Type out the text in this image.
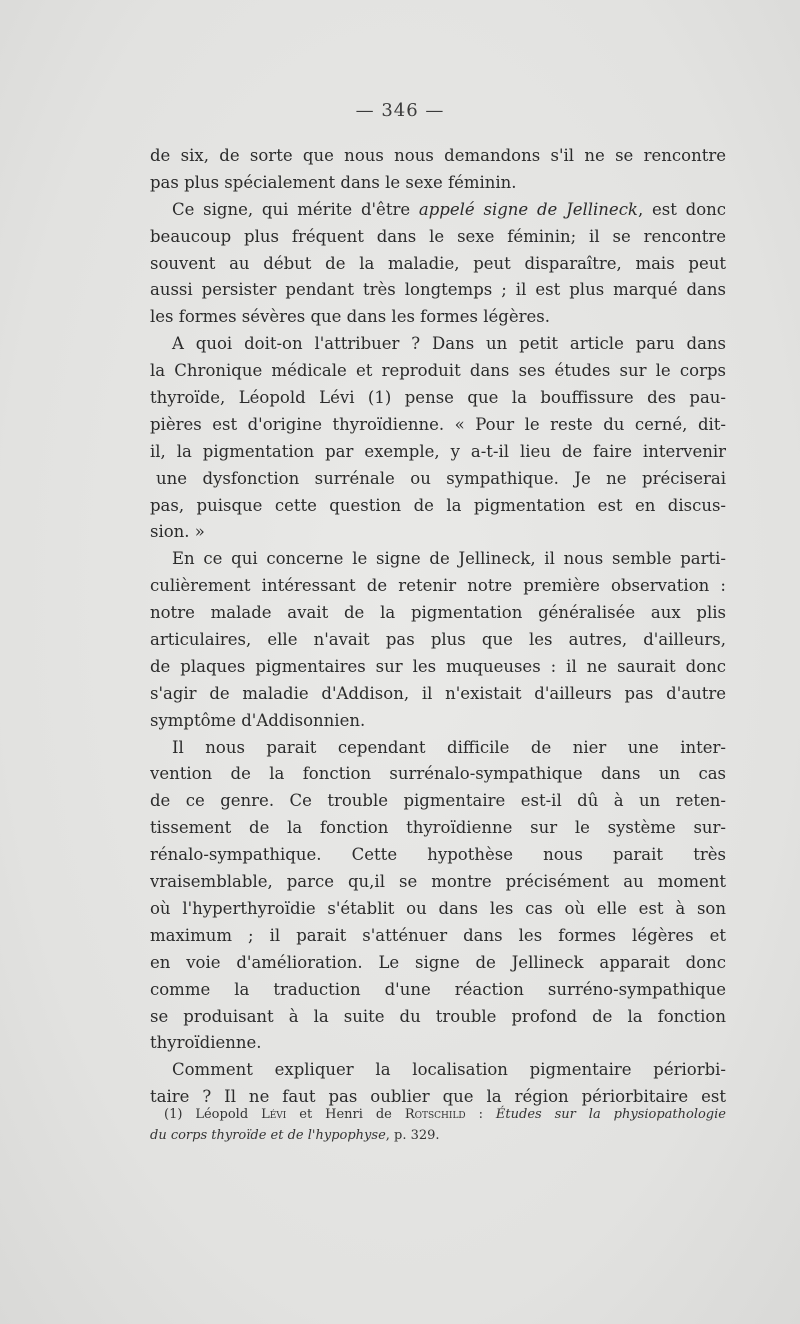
— 346 —
de six, de sorte que nous nous demandons s'il ne se rencontre
pas plus spécialement dans le sexe féminin.
Ce signe, qui mérite d'être appelé signe de Jellineck, est donc
beaucoup plus fréquent dans le sexe féminin; il se rencontre
souvent au début de la maladie, peut disparaître, mais peut
aussi persister pendant très longtemps ; il est plus marqué dans
les formes sévères que dans les formes légères.
A quoi doit-on l'attribuer ? Dans un petit article paru dans
la Chronique médicale et reproduit dans ses études sur le corps
thyroïde, Léopold Lévi (1) pense que la bouffissure des pau-
pières est d'origine thyroïdienne. « Pour le reste du cerné, dit-
il, la pigmentation par exemple, y a-t-il lieu de faire intervenir
une dysfonction surrénale ou sympathique. Je ne préciserai
pas, puisque cette question de la pigmentation est en discus-
sion. »
En ce qui concerne le signe de Jellineck, il nous semble parti-
culièrement intéressant de retenir notre première observation :
notre malade avait de la pigmentation généralisée aux plis
articulaires, elle n'avait pas plus que les autres, d'ailleurs,
de plaques pigmentaires sur les muqueuses : il ne saurait donc
s'agir de maladie d'Addison, il n'existait d'ailleurs pas d'autre
symptôme d'Addisonnien.
Il nous parait cependant difficile de nier une inter-
vention de la fonction surrénalo-sympathique dans un cas
de ce genre. Ce trouble pigmentaire est-il dû à un reten-
tissement de la fonction thyroïdienne sur le système sur-
rénalo-sympathique. Cette hypothèse nous parait très
vraisemblable, parce qu,il se montre précisément au moment
où l'hyperthyroïdie s'établit ou dans les cas où elle est à son
maximum ; il parait s'atténuer dans les formes légères et
en voie d'amélioration. Le signe de Jellineck apparait donc
comme la traduction d'une réaction surréno-sympathique
se produisant à la suite du trouble profond de la fonction
thyroïdienne.
Comment expliquer la localisation pigmentaire périorbi-
taire ? Il ne faut pas oublier que la région périorbitaire est
(1) Léopold Lévi et Henri de Rotschild : Études sur la physiopathologie
du corps thyroïde et de l'hypophyse, p. 329.
